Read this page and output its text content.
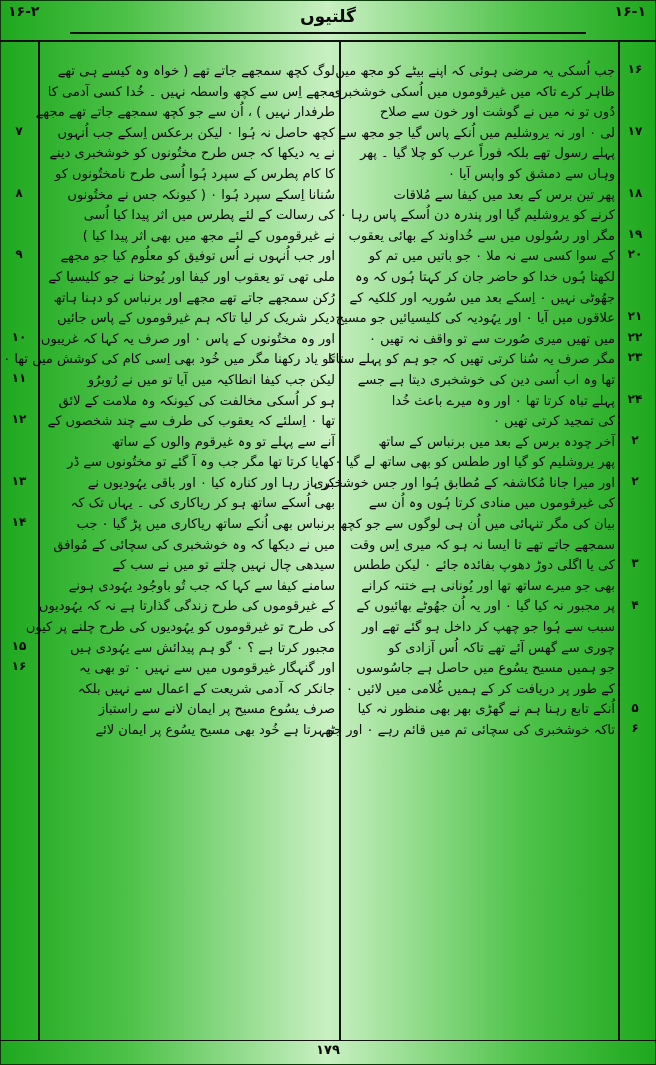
۱۶-۲	گلتیوں	۱۶-۱
جب اُسکی یہ مرضی ہوئی کہ اپنے بیٹے کو مجھ میں
ظاہر کرے تاکہ میں غیرقوموں میں اُسکی خوشخبری
دُوں تو نہ میں نے گوشت اور خون سے صلاح
لی ۰ اور نہ یروشلیم میں اُنکے پاس گیا جو مجھ سے
پہلے رسول تھے بلکہ فوراً عرب کو چلا گیا ۔ پھر
وہاں سے دمشق کو واپس آیا ۰
پھر تین برس کے بعد میں کیفا سے مُلاقات
کرنے کو یروشلیم گیا اور پندرہ دن اُسکے پاس رہا ۰
مگر اور رسُولوں میں سے خُداوند کے بھائی یعقوب
کے سوا کسی سے نہ ملا ۰ جو باتیں میں تم کو
لکھتا ہُوں خدا کو حاضر جان کر کہتا ہُوں کہ وہ
جھُوٹی نہیں ۰ اِسکے بعد میں سُوریہ اور کلکیہ کے
علاقوں میں آیا ۰ اور یہُودیہ کی کلیسیائیں جو مسیح
میں تھیں میری صُورت سے تو واقف نہ تھیں ۰
مگر صرف یہ سُنا کرتی تھیں کہ جو ہم کو پہلے ستاتا
تھا وہ اب اُسی دین کی خوشخبری دیتا ہے جسے
پہلے تباہ کرتا تھا ۰ اور وہ میرے باعث خُدا
کی تمجید کرتی تھیں ۰
آخر چودہ برس کے بعد میں برنباس کے ساتھ
پھر یروشلیم کو گیا اور ططس کو بھی ساتھ لے گیا ۰
اور میرا جانا مُکاشفہ کے مُطابق ہُوا اور جس خوشخبری
کی غیرقوموں میں منادی کرتا ہُوں وہ اُن سے
بیان کی مگر تنہائی میں اُن ہی لوگوں سے جو کچھ
سمجھے جاتے تھے تا ایسا نہ ہو کہ میری اِس وقت
کی یا اگلی دوڑ دھوپ بفائدہ جائے ۰ لیکن ططس
بھی جو میرے ساتھ تھا اور یُونانی ہے ختنہ کرانے
پر مجبور نہ کیا گیا ۰ اور یہ اُن جھُوٹے بھائیوں کے
سبب سے ہُوا جو چھپ کر داخل ہو گئے تھے اور
چوری سے گھس آئے تھے تاکہ اُس آزادی کو
جو ہمیں مسیح یسُوع میں حاصل ہے جاسُوسوں
کے طور پر دریافت کر کے ہمیں غُلامی میں لائیں ۰
اُنکے تابع رہنا ہم نے گھڑی بھر بھی منظور نہ کیا
تاکہ خوشخبری کی سچائی تم میں قائم رہے ۰ اور جو
لوگ کچھ سمجھے جاتے تھے ( خواہ وہ کیسے ہی تھے
مجھے اِس سے کچھ واسطہ نہیں ۔ خُدا کسی آدمی کا
طرفدار نہیں ) ، اُن سے جو کچھ سمجھے جاتے تھے مجھے
کچھ حاصل نہ ہُوا ۰ لیکن برعکس اِسکے جب اُنہوں
نے یہ دیکھا کہ جس طرح مختُونوں کو خوشخبری دینے
کا کام پطرس کے سپرد ہُوا اُسی طرح نامختُونوں کو
سُنانا اِسکے سپرد ہُوا ۰ ( کیونکہ جس نے مختُونوں
کی رسالت کے لئے پطرس میں اثر پیدا کیا اُسی
نے غیرقوموں کے لئے مجھ میں بھی اثر پیدا کیا )
اور جب اُنہوں نے اُس توفیق کو معلُوم کیا جو مجھے
ملی تھی تو یعقوب اور کیفا اور یُوحنا نے جو کلیسیا کے
رُکن سمجھے جاتے تھے مجھے اور برنباس کو دہنا ہاتھ
دیکر شریک کر لیا تاکہ ہم غیرقوموں کے پاس جائیں
اور وہ مختُونوں کے پاس ۰ اور صرف یہ کہا کہ غریبوں
کو یاد رکھنا مگر میں خُود بھی اِسی کام کی کوشش میں تھا ۰
لیکن جب کیفا انطاکیہ میں آیا تو میں نے رُوبرُو
ہو کر اُسکی مخالفت کی کیونکہ وہ ملامت کے لائق
تھا ۰ اِسلئے کہ یعقوب کی طرف سے چند شخصوں کے
آنے سے پہلے تو وہ غیرقوم والوں کے ساتھ
کھایا کرتا تھا مگر جب وہ آ گئے تو مختُونوں سے ڈر
کر باز رہا اور کنارہ کیا ۰ اور باقی یہُودیوں نے
بھی اُسکے ساتھ ہو کر ریاکاری کی ۔ یہاں تک کہ
برنباس بھی اُنکے ساتھ ریاکاری میں پڑ گیا ۰ جب
میں نے دیکھا کہ وہ خوشخبری کی سچائی کے مُوافق
سیدھی چال نہیں چلتے تو میں نے سب کے
سامنے کیفا سے کہا کہ جب تُو باوجُود یہُودی ہونے
کے غیرقوموں کی طرح زندگی گذارتا ہے نہ کہ یہُودیوں
کی طرح تو غیرقوموں کو یہُودیوں کی طرح چلنے پر کیوں
مجبور کرتا ہے ؟ ۰ گو ہم پیدائش سے یہُودی ہیں
اور گنہگار غیرقوموں میں سے نہیں ۰ تو بھی یہ
جانکر کہ آدمی شریعت کے اعمال سے نہیں بلکہ
صرف یسُوع مسیح پر ایمان لانے سے راستباز
ٹھہرتا ہے خُود بھی مسیح یسُوع پر ایمان لائے
۱۶
۱۷
۱۸
۱۹
۲۰
۲۱
۲۲
۲۳
۲۴
۲
۲
۳
۴
۵
۶
۷
۸
۹
۱۰
۱۱
۱۲
۱۳
۱۴
۱۵
۱۶
۱۷۹
